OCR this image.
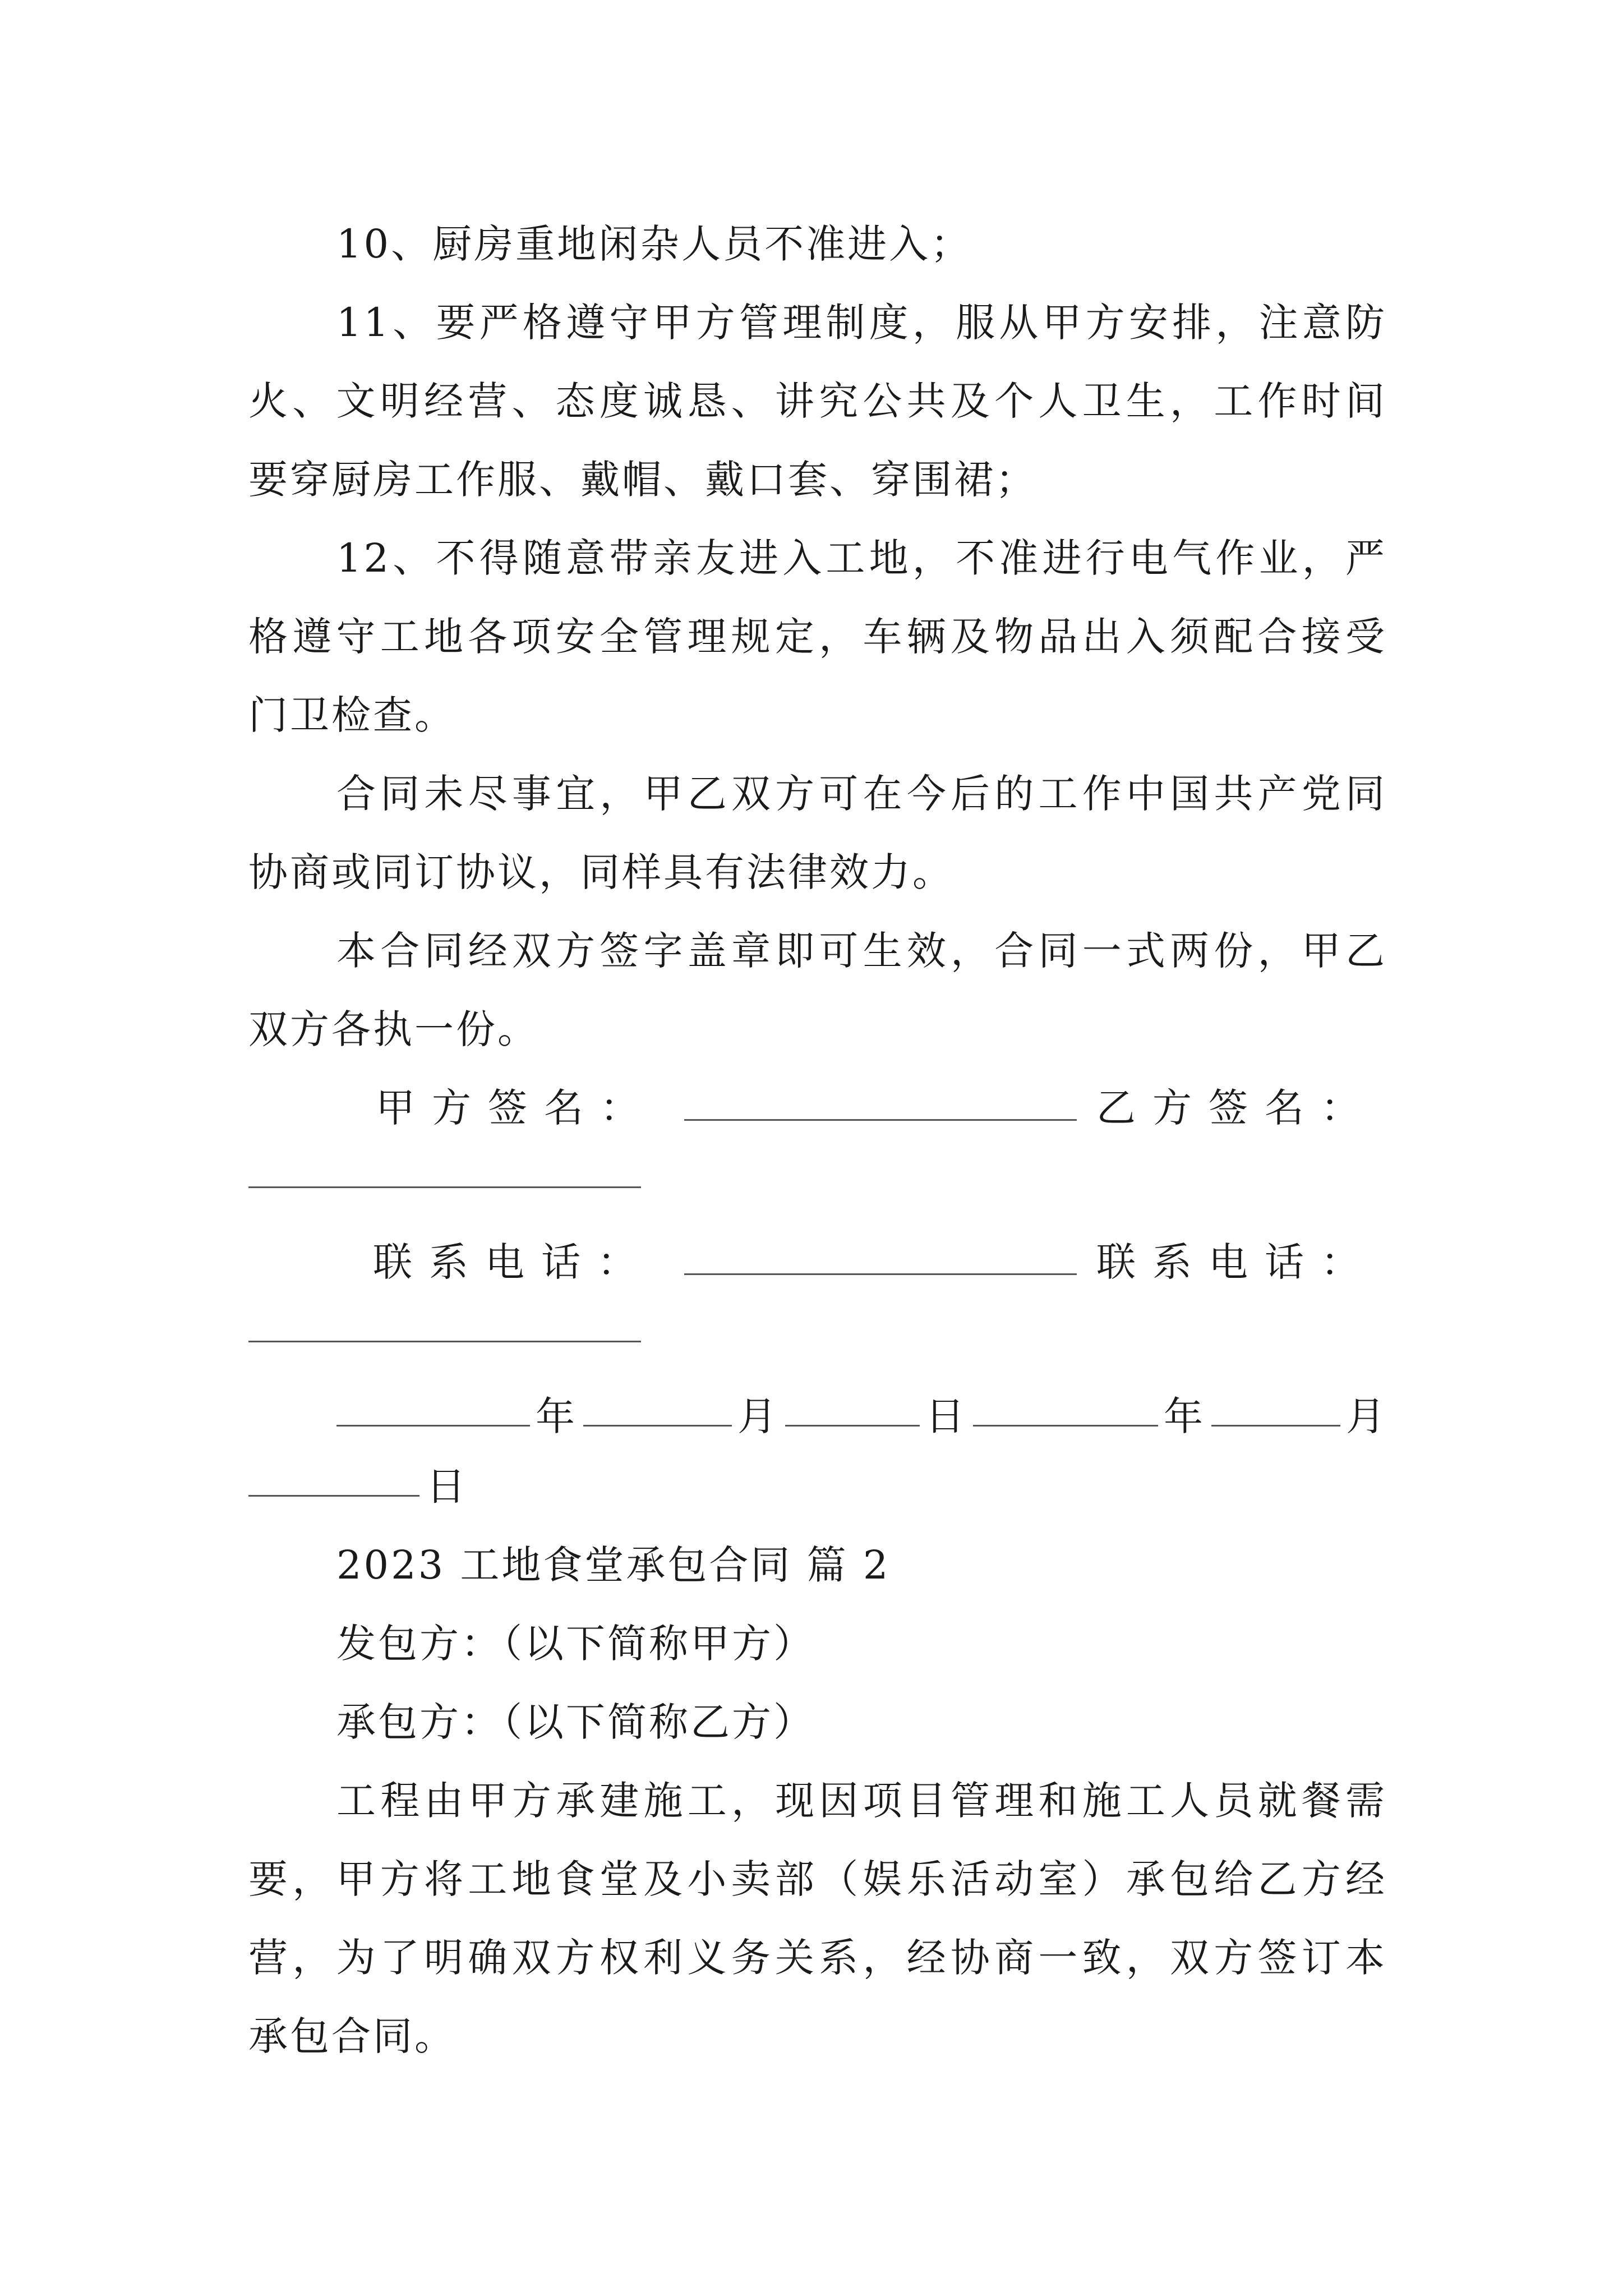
10、厨房重地闲杂人员不准进入；
11、要严格遵守甲方管理制度，服从甲方安排，注意防
火、文明经营、态度诚恳、讲究公共及个人卫生，工作时间
要穿厨房工作服、戴帽、戴口套、穿围裙；
12、不得随意带亲友进入工地，不准进行电气作业，严
格遵守工地各项安全管理规定，车辆及物品出入须配合接受
门卫检查。
合同未尽事宜，甲乙双方可在今后的工作中国共产党同
协商或同订协议，同样具有法律效力。
本合同经双方签字盖章即可生效，合同一式两份，甲乙
双方各执一份。
甲方签名：	乙方签名：
联系电话：	联系电话：
年	月	日	年	月
日
2023 工地食堂承包合同 篇 2
发包方：（以下简称甲方）
承包方：（以下简称乙方）
工程由甲方承建施工，现因项目管理和施工人员就餐需
要，甲方将工地食堂及小卖部（娱乐活动室）承包给乙方经
营，为了明确双方权利义务关系，经协商一致，双方签订本
承包合同。
